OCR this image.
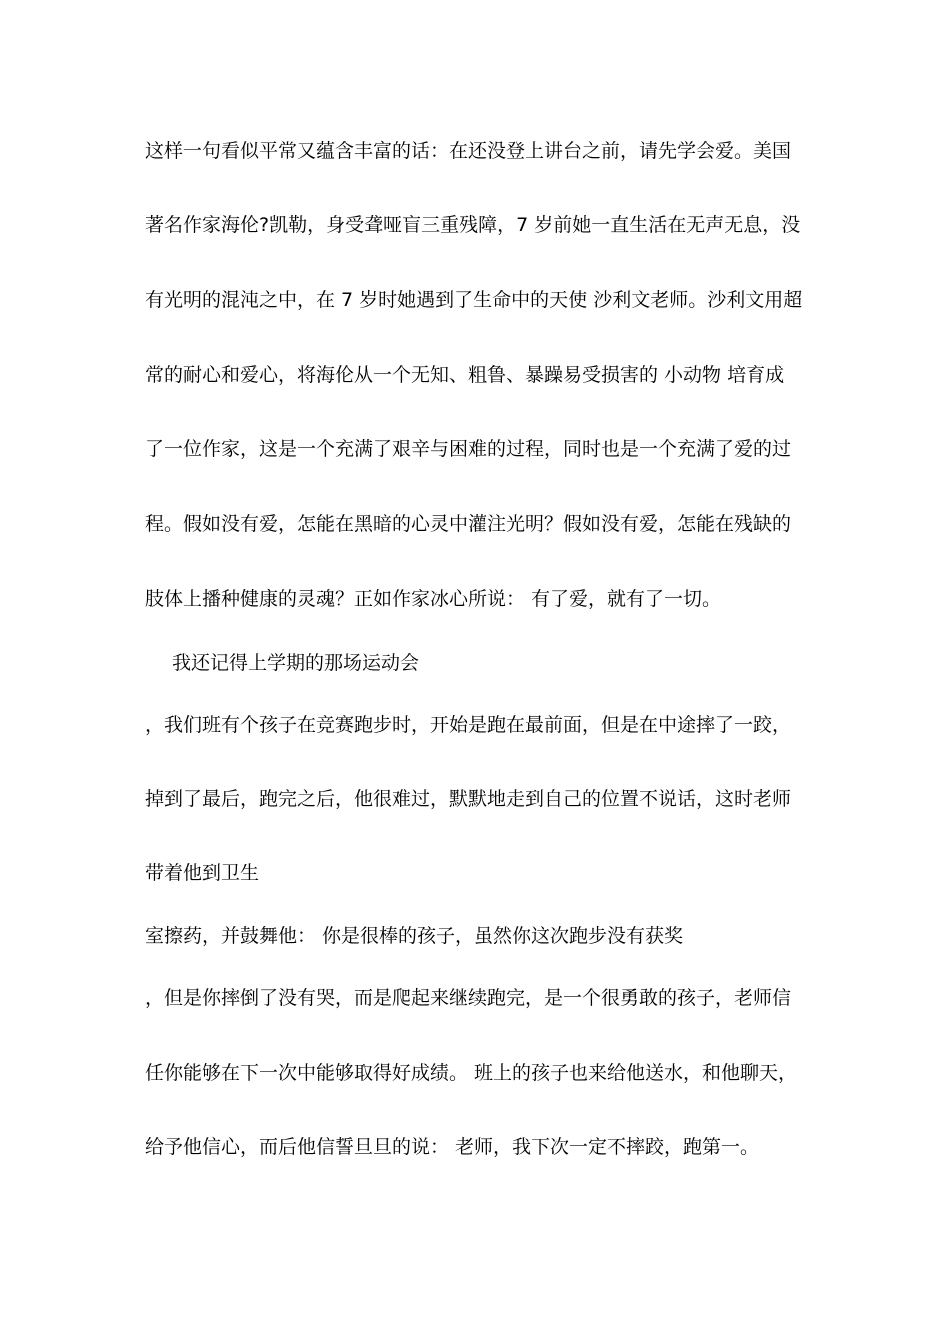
这样一句看似平常又蕴含丰富的话：在还没登上讲台之前，请先学会爱。美国
著名作家海伦?凯勒，身受聋哑盲三重残障，7 岁前她一直生活在无声无息，没
有光明的混沌之中，在 7 岁时她遇到了生命中的天使 沙利文老师。沙利文用超
常的耐心和爱心，将海伦从一个无知、粗鲁、暴躁易受损害的 小动物 培育成
了一位作家，这是一个充满了艰辛与困难的过程，同时也是一个充满了爱的过
程。假如没有爱，怎能在黑暗的心灵中灌注光明？假如没有爱，怎能在残缺的
肢体上播种健康的灵魂？正如作家冰心所说： 有了爱，就有了一切。
我还记得上学期的那场运动会
，我们班有个孩子在竞赛跑步时，开始是跑在最前面，但是在中途摔了一跤，
掉到了最后，跑完之后，他很难过，默默地走到自己的位置不说话，这时老师
带着他到卫生
室擦药，并鼓舞他： 你是很棒的孩子，虽然你这次跑步没有获奖
，但是你摔倒了没有哭，而是爬起来继续跑完，是一个很勇敢的孩子，老师信
任你能够在下一次中能够取得好成绩。 班上的孩子也来给他送水，和他聊天，
给予他信心，而后他信誓旦旦的说： 老师，我下次一定不摔跤，跑第一。
